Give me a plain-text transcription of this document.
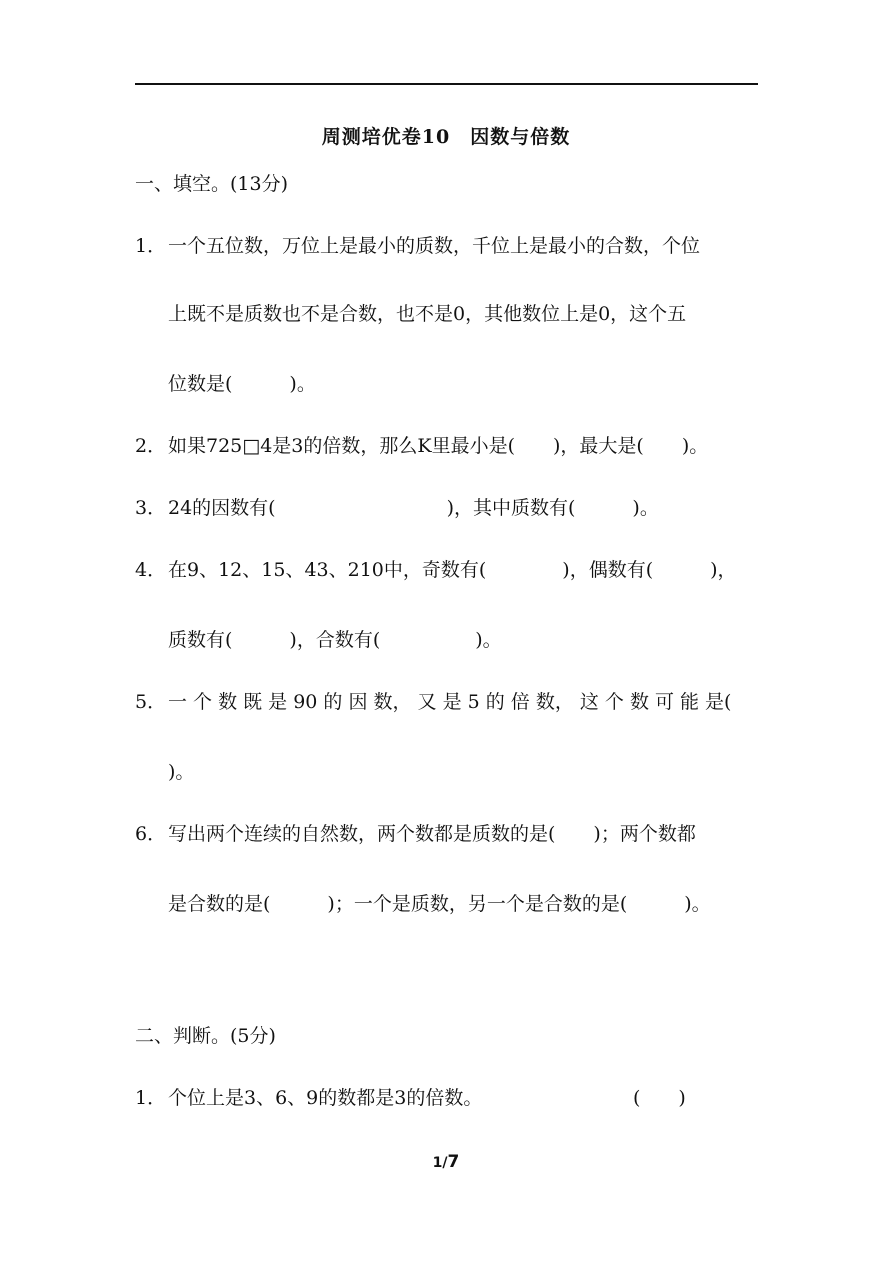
周测培优卷10　因数与倍数
一、填空。(13分)
1． 一个五位数，万位上是最小的质数，千位上是最小的合数，个位
上既不是质数也不是合数，也不是0，其他数位上是0，这个五
位数是(　　　)。
2． 如果725□4是3的倍数，那么K里最小是(　　)，最大是(　　)。
3． 24的因数有(　　　　　　　　　)，其中质数有(　　　)。
4． 在9、12、15、43、210中，奇数有(　　　　)，偶数有(　　　)，
质数有(　　　)，合数有(　　　　　)。
5． 一 个 数 既 是 90 的 因 数， 又 是 5 的 倍 数， 这 个 数 可 能 是(
)。
6． 写出两个连续的自然数，两个数都是质数的是(　　)；两个数都
是合数的是(　　　)；一个是质数，另一个是合数的是(　　　)。
二、判断。(5分)
1． 个位上是3、6、9的数都是3的倍数。	(　　)
1/7
